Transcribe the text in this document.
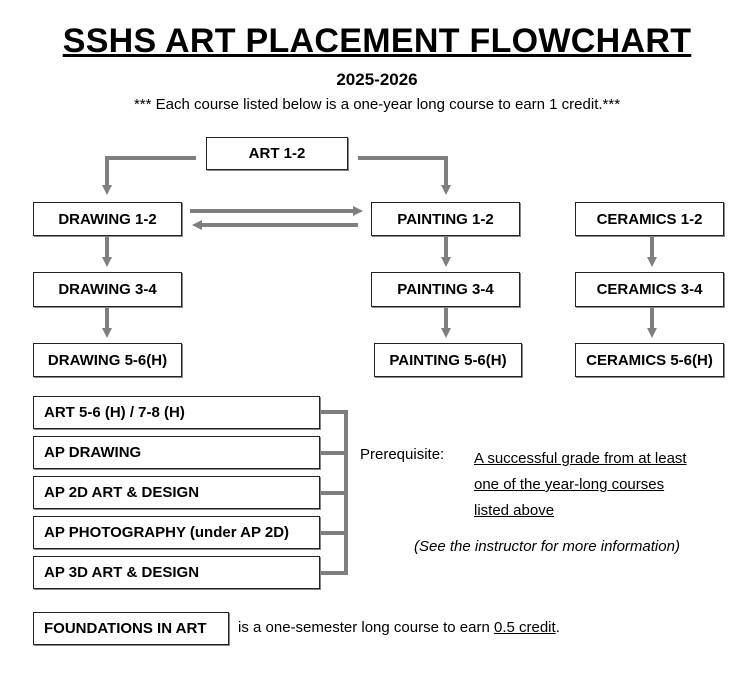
SSHS ART PLACEMENT FLOWCHART
2025-2026
*** Each course listed below is a one-year long course to earn 1 credit.***
ART 1-2
DRAWING 1-2
DRAWING 3-4
DRAWING 5-6(H)
PAINTING 1-2
PAINTING 3-4
PAINTING 5-6(H)
CERAMICS 1-2
CERAMICS 3-4
CERAMICS 5-6(H)
ART 5-6 (H) / 7-8 (H)
AP DRAWING
AP 2D ART & DESIGN
AP PHOTOGRAPHY (under AP 2D)
AP 3D ART & DESIGN
Prerequisite: A successful grade from at least
one of the year-long courses
listed above
(See the instructor for more information)
FOUNDATIONS IN ART is a one-semester long course to earn 0.5 credit.
